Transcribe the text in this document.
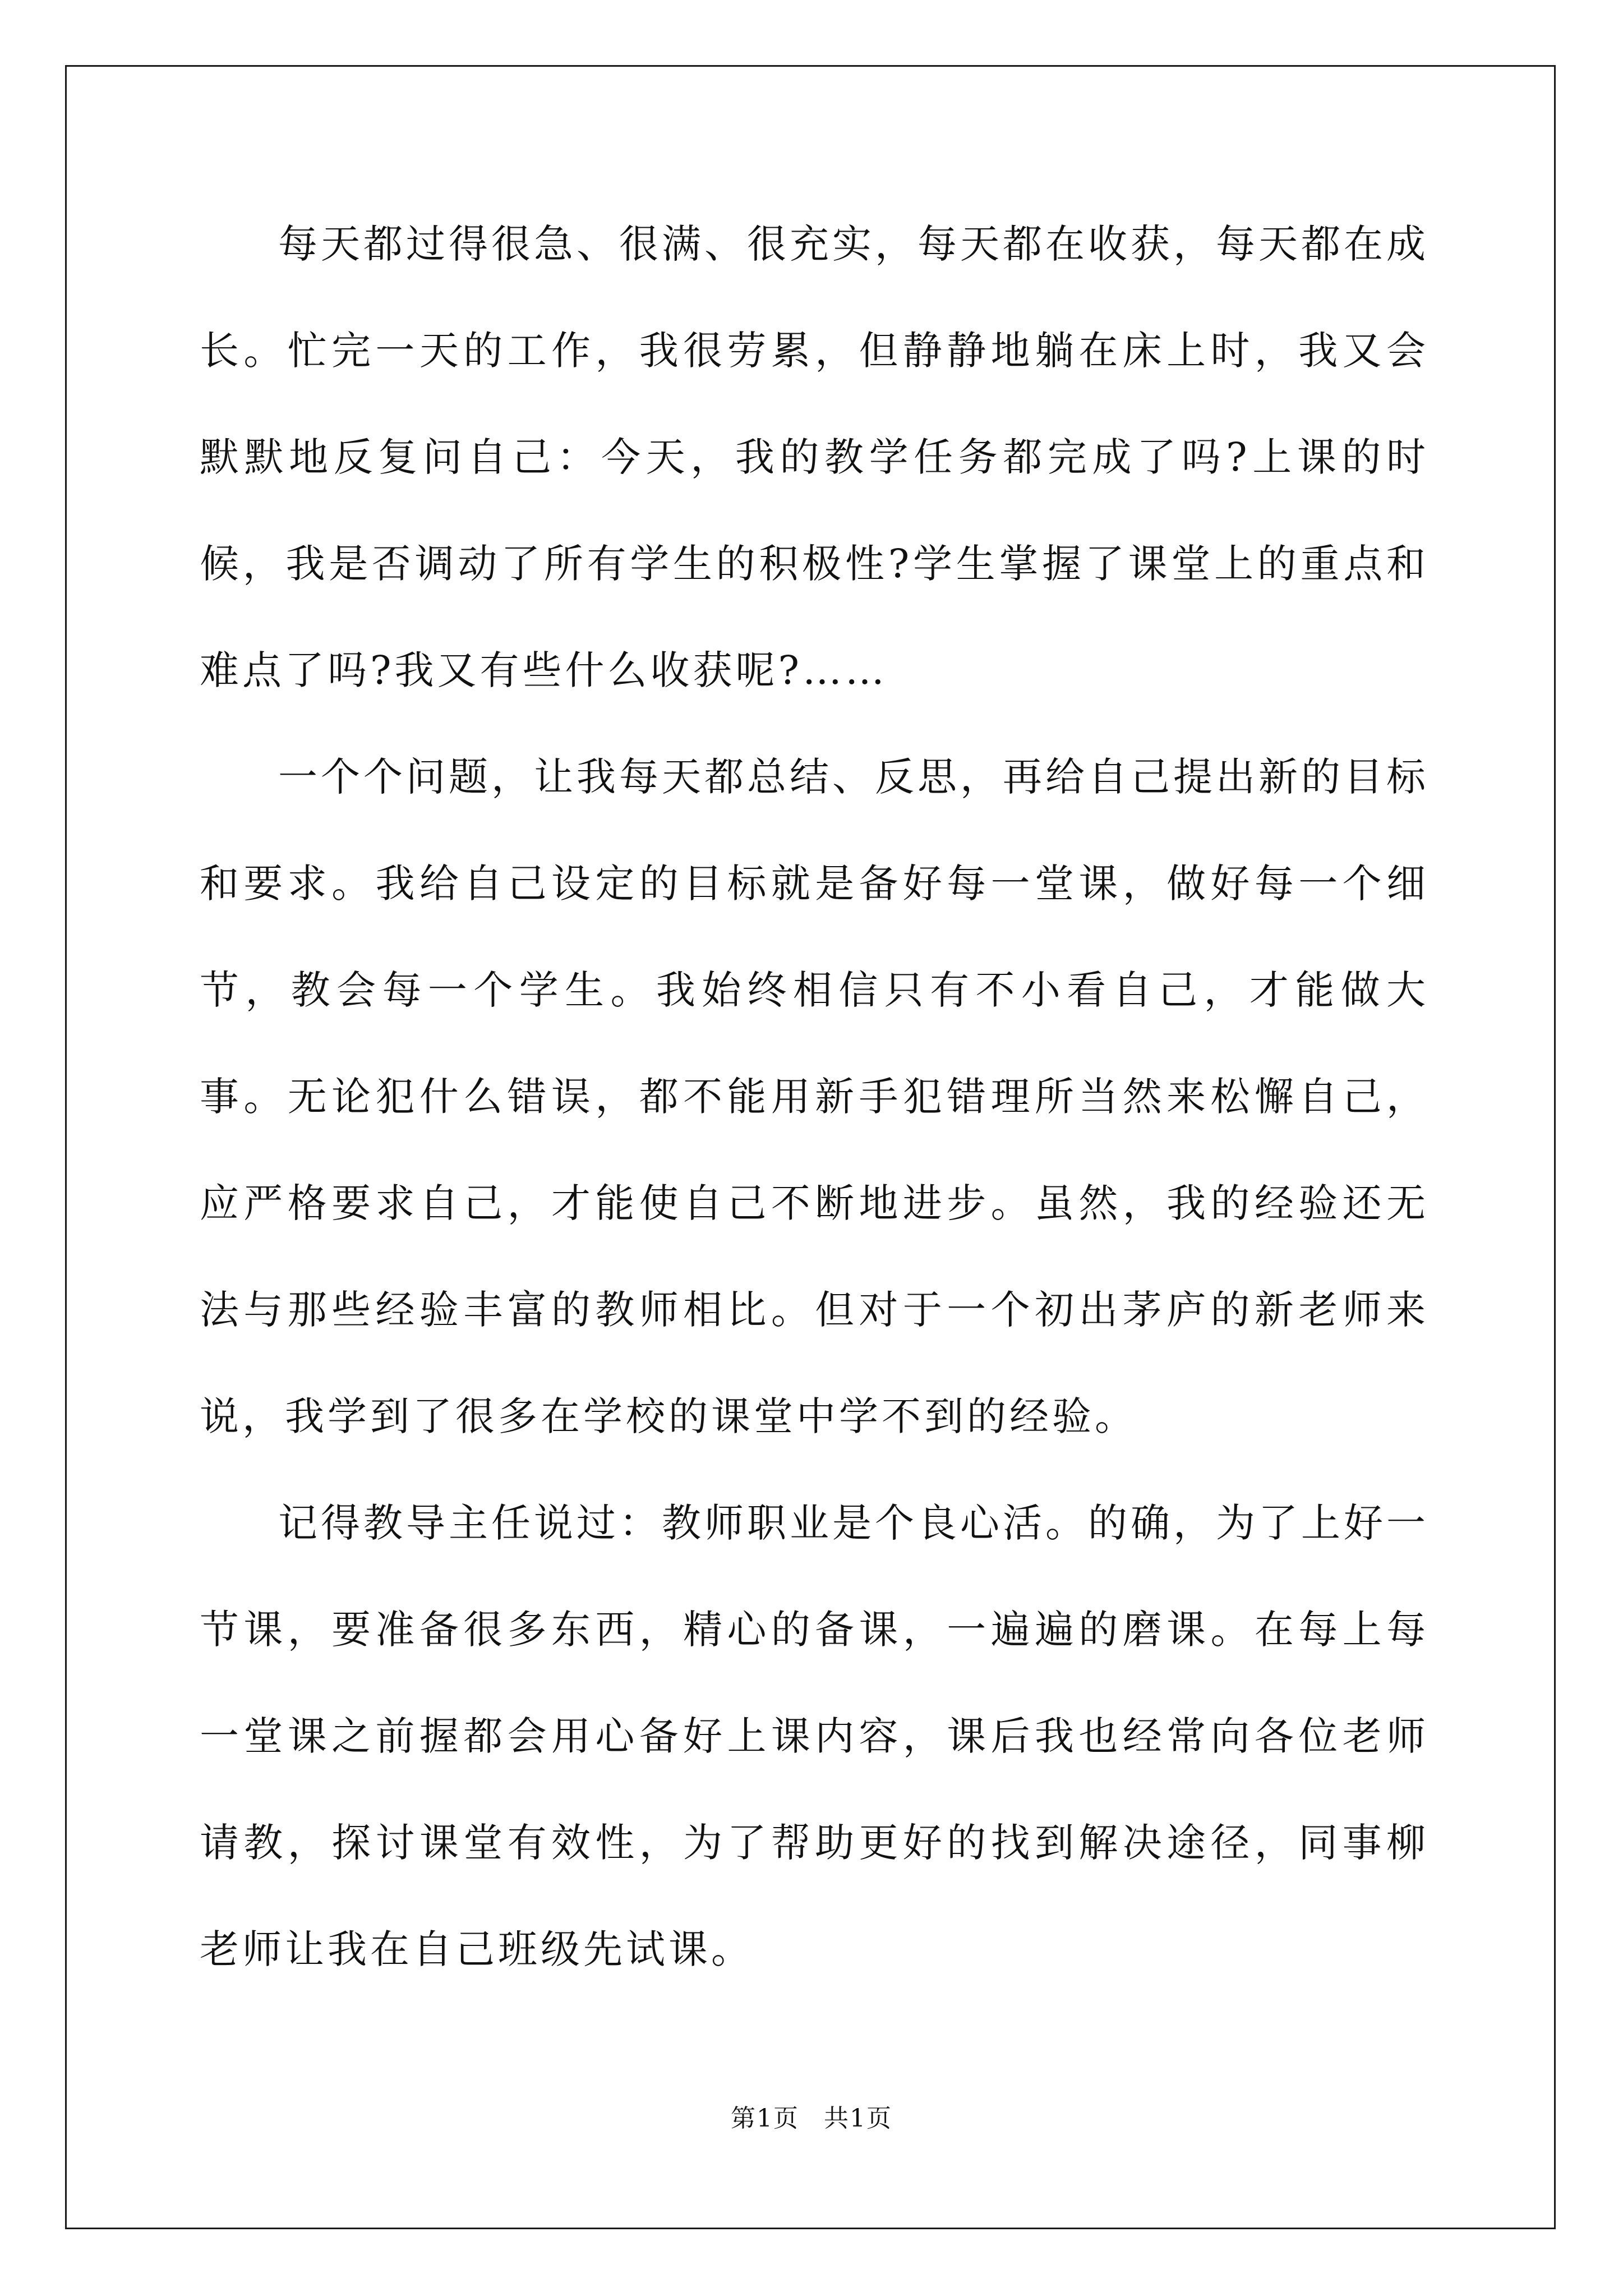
每天都过得很急、很满、很充实，每天都在收获，每天都在成长。忙完一天的工作，我很劳累，但静静地躺在床上时，我又会默默地反复问自己：今天，我的教学任务都完成了吗?上课的时候，我是否调动了所有学生的积极性?学生掌握了课堂上的重点和难点了吗?我又有些什么收获呢?……

一个个问题，让我每天都总结、反思，再给自己提出新的目标和要求。我给自己设定的目标就是备好每一堂课，做好每一个细节，教会每一个学生。我始终相信只有不小看自己，才能做大事。无论犯什么错误，都不能用新手犯错理所当然来松懈自己，应严格要求自己，才能使自己不断地进步。虽然，我的经验还无法与那些经验丰富的教师相比。但对于一个初出茅庐的新老师来说，我学到了很多在学校的课堂中学不到的经验。

记得教导主任说过：教师职业是个良心活。的确，为了上好一节课，要准备很多东西，精心的备课，一遍遍的磨课。在每上每一堂课之前握都会用心备好上课内容，课后我也经常向各位老师请教，探讨课堂有效性，为了帮助更好的找到解决途径，同事柳老师让我在自己班级先试课。

第1页 共1页
